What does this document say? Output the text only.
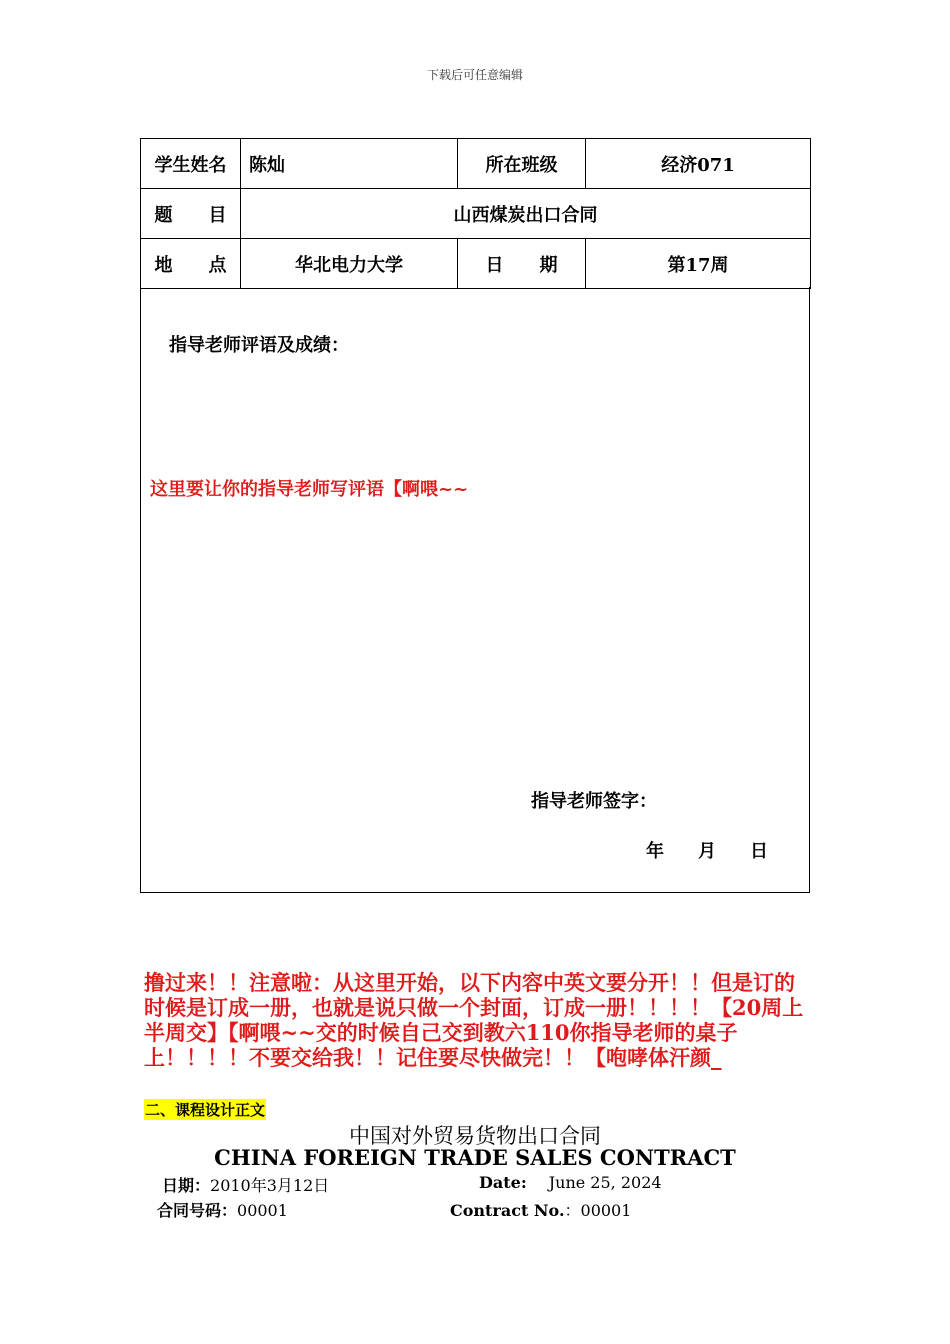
下载后可任意编辑
学生姓名	陈灿	所在班级	经济071
题　　目	山西煤炭出口合同		
地　　点	华北电力大学	日　　期	第17周
指导老师评语及成绩：
这里要让你的指导老师写评语【啊喂~~
指导老师签字：
年 月 日
撸过来！！注意啦：从这里开始，以下内容中英文要分开！！但是订的时候是订成一册，也就是说只做一个封面，订成一册！！！！【20周上半周交】【啊喂~~交的时候自己交到教六110你指导老师的桌子上！！！！不要交给我！！记住要尽快做完！！【咆哮体汗颜_
二、课程设计正文
中国对外贸易货物出口合同
CHINA FOREIGN TRADE SALES CONTRACT
日期：2010年3月12日	Date: June 25, 2024
合同号码：00001	Contract No.：00001
